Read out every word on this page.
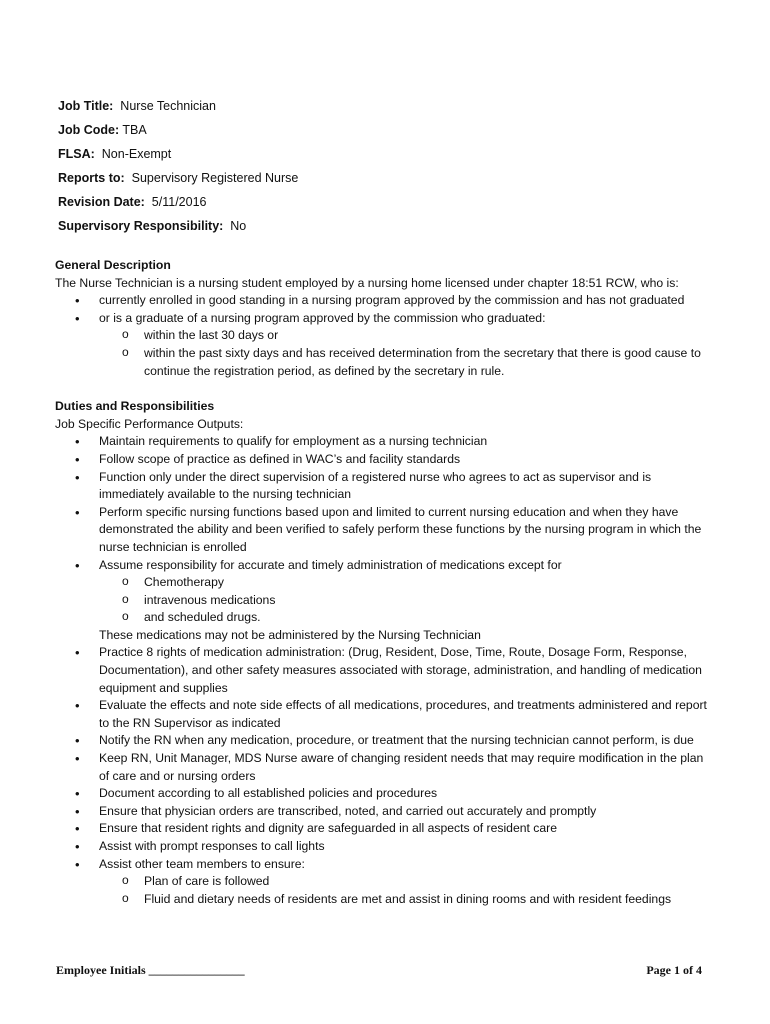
Job Title: Nurse Technician
Job Code: TBA
FLSA: Non-Exempt
Reports to: Supervisory Registered Nurse
Revision Date: 5/11/2016
Supervisory Responsibility: No
General Description
The Nurse Technician is a nursing student employed by a nursing home licensed under chapter 18:51 RCW, who is:
• currently enrolled in good standing in a nursing program approved by the commission and has not graduated
• or is a graduate of a nursing program approved by the commission who graduated:
o within the last 30 days or
o within the past sixty days and has received determination from the secretary that there is good cause to continue the registration period, as defined by the secretary in rule.
Duties and Responsibilities
Job Specific Performance Outputs:
• Maintain requirements to qualify for employment as a nursing technician
• Follow scope of practice as defined in WAC’s and facility standards
• Function only under the direct supervision of a registered nurse who agrees to act as supervisor and is immediately available to the nursing technician
• Perform specific nursing functions based upon and limited to current nursing education and when they have demonstrated the ability and been verified to safely perform these functions by the nursing program in which the nurse technician is enrolled
• Assume responsibility for accurate and timely administration of medications except for
o Chemotherapy
o intravenous medications
o and scheduled drugs.
These medications may not be administered by the Nursing Technician
• Practice 8 rights of medication administration: (Drug, Resident, Dose, Time, Route, Dosage Form, Response, Documentation), and other safety measures associated with storage, administration, and handling of medication equipment and supplies
• Evaluate the effects and note side effects of all medications, procedures, and treatments administered and report to the RN Supervisor as indicated
• Notify the RN when any medication, procedure, or treatment that the nursing technician cannot perform, is due
• Keep RN, Unit Manager, MDS Nurse aware of changing resident needs that may require modification in the plan of care and or nursing orders
• Document according to all established policies and procedures
• Ensure that physician orders are transcribed, noted, and carried out accurately and promptly
• Ensure that resident rights and dignity are safeguarded in all aspects of resident care
• Assist with prompt responses to call lights
• Assist other team members to ensure:
o Plan of care is followed
o Fluid and dietary needs of residents are met and assist in dining rooms and with resident feedings
Employee Initials ________________	Page 1 of 4
